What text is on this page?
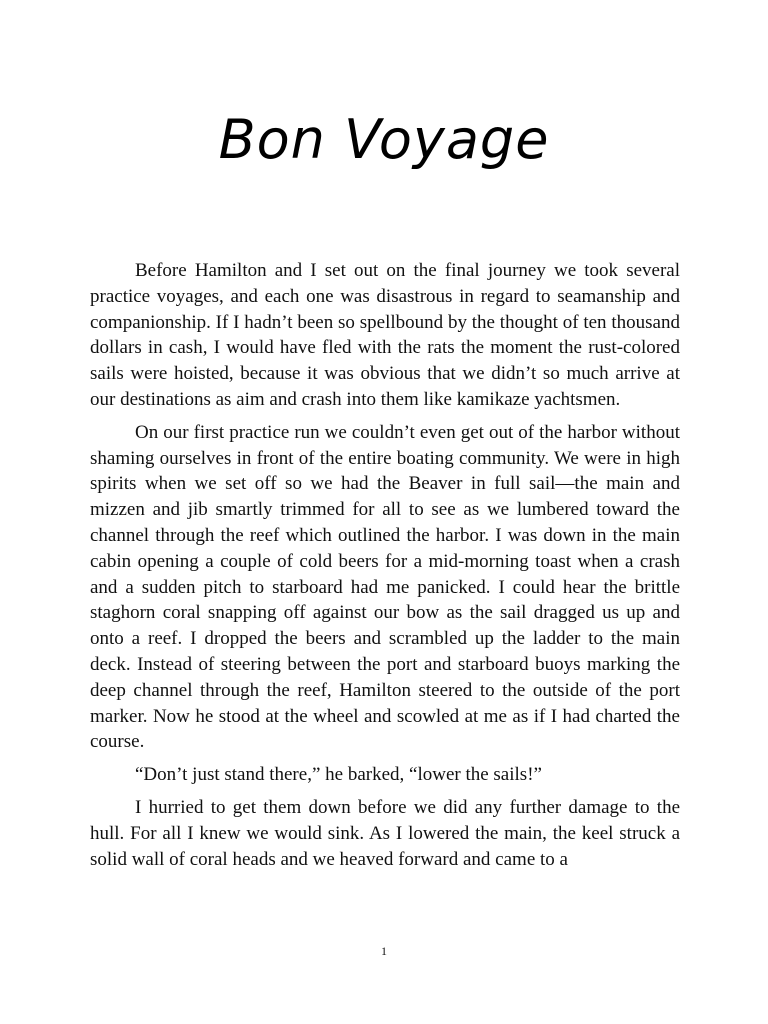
Bon Voyage

Before Hamilton and I set out on the final journey we took several practice voyages, and each one was disastrous in regard to seamanship and companionship. If I hadn’t been so spellbound by the thought of ten thousand dollars in cash, I would have fled with the rats the moment the rust-colored sails were hoisted, because it was obvious that we didn’t so much arrive at our destinations as aim and crash into them like kamikaze yachtsmen.

On our first practice run we couldn’t even get out of the harbor without shaming ourselves in front of the entire boating community. We were in high spirits when we set off so we had the Beaver in full sail—the main and mizzen and jib smartly trimmed for all to see as we lumbered toward the channel through the reef which outlined the harbor. I was down in the main cabin opening a couple of cold beers for a mid-morning toast when a crash and a sudden pitch to starboard had me panicked. I could hear the brittle staghorn coral snapping off against our bow as the sail dragged us up and onto a reef. I dropped the beers and scrambled up the ladder to the main deck. Instead of steering between the port and starboard buoys marking the deep channel through the reef, Hamilton steered to the outside of the port marker. Now he stood at the wheel and scowled at me as if I had charted the course.

“Don’t just stand there,” he barked, “lower the sails!”

I hurried to get them down before we did any further damage to the hull. For all I knew we would sink. As I lowered the main, the keel struck a solid wall of coral heads and we heaved forward and came to a

1
